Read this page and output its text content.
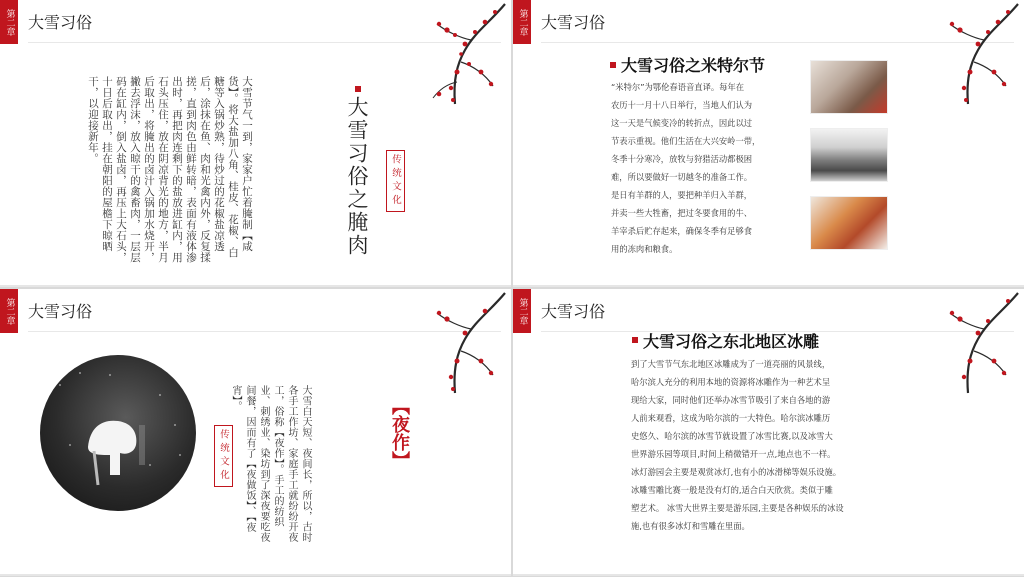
第二章 大雪习俗
大雪习俗之腌肉	传统文化
大雪节气一到，家家户忙着腌制【咸货】。将大盐加八角、桂皮、花椒、白糖等入锅炒熟，待炒过的花椒盐凉透后，涂抹在鱼、肉和光禽内外，反复揉搓，直到肉色由鲜转暗，表面有液体渗出时，再把肉连剩下的盐放进缸内，用石头压住，放在阴凉背光的地方，半月后取出，将腌出的卤汁入锅加水烧开，撇去浮沫，放入晾干的禽畜肉，一层层码在缸内，倒入盐卤，再压上大石头，十日后取出，挂在朝阳的屋檐下晾晒干，以迎接新年。
第二章 大雪习俗
大雪习俗之米特尔节
“米特尔”为鄂伦春语音直译。每年在
农历十一月十八日举行，当地人们认为
这一天是气候变冷的转折点，因此以过
节表示重视。他们生活在大兴安岭一带，
冬季十分寒冷，放牧与狩猎活动都极困
难，所以要做好一切越冬的准备工作。
是日有羊群的人，要把种羊归入羊群，
并卖一些大牲畜，把过冬要食用的牛、
羊宰杀后贮存起来，确保冬季有足够食
用的冻肉和粮食。
第二章 大雪习俗
传统文化	大雪白天短、夜间长，所以，古时各手工作坊、家庭手工就纷纷开夜工，俗称【夜作】。手工的纺织业、刺绣业、染坊到了深夜要吃夜间餐，因而有了【夜做饭】、【夜宵】。	【夜作】
第二章 大雪习俗
大雪习俗之东北地区冰雕
到了大雪节气东北地区冰雕成为了一道亮丽的风景线，
哈尔滨人充分的利用本地的资源将冰雕作为一种艺术呈
现给大家，同时他们还举办冰雪节吸引了来自各地的游
人前来观看，这成为哈尔滨的一大特色。哈尔滨冰雕历
史悠久、哈尔滨的冰雪节就设置了冰雪比赛,以及冰雪大
世界游乐园等项目,时间上稍微错开一点,地点也不一样。
冰灯游园会主要是观赏冰灯,也有小的冰滑梯等娱乐设施。
冰雕雪雕比赛一般是没有灯的,适合白天欣赏。类似于雕
塑艺术。 冰雪大世界主要是游乐园,主要是各种娱乐的冰设
施,也有很多冰灯和雪雕在里面。
